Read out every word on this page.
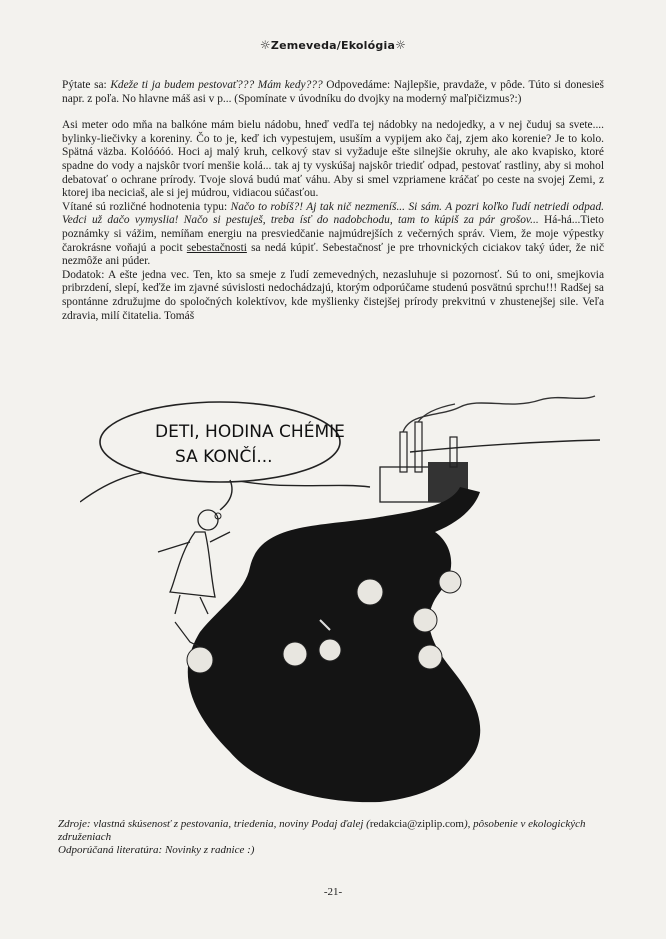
☼Zemeveda/Ekológia☼

Pýtate sa: Kdeže ti ja budem pestovať??? Mám kedy??? Odpovedáme: Najlepšie, pravdaže, v pôde. Túto si donesieš napr. z poľa. No hlavne máš asi v p... (Spomínate v úvodníku do dvojky na moderný maľpičizmus?:)

Asi meter odo mňa na balkóne mám bielu nádobu, hneď vedľa tej nádobky na nedojedky, a v nej čuduj sa svete.... bylinky-liečivky a koreniny. Čo to je, keď ich vypestujem, usuším a vypijem ako čaj, zjem ako korenie? Je to kolo. Spätná väzba. Kolóóóó. Hoci aj malý kruh, celkový stav si vyžaduje ešte silnejšie okruhy, ale ako kvapisko, ktoré spadne do vody a najskôr tvorí menšie kolá... tak aj ty vyskúšaj najskôr triediť odpad, pestovať rastliny, aby si mohol debatovať o ochrane prírody. Tvoje slová budú mať váhu. Aby si smel vzpriamene kráčať po ceste na svojej Zemi, z ktorej iba neciciaš, ale si jej múdrou, vidiacou súčasťou.

Vítané sú rozličné hodnotenia typu: Načo to robíš?! Aj tak nič nezmeníš... Si sám. A pozri koľko ľudí netriedi odpad. Vedci už dačo vymyslia! Načo si pestuješ, treba ísť do nadobchodu, tam to kúpiš za pár grošov... Há-há...Tieto poznámky si vážim, nemíňam energiu na presviedčanie najmúdrejších z večerných správ. Viem, že moje výpestky čarokrásne voňajú a pocit sebestačnosti sa nedá kúpiť. Sebestačnosť je pre trhovnických ciciakov taký úder, že nič nezmôže ani púder.

Dodatok: A ešte jedna vec. Ten, kto sa smeje z ľudí zemevedných, nezasluhuje si pozornosť. Sú to oni, smejkovia pribrzdení, slepí, keďže im zjavné súvislosti nedochádzajú, ktorým odporúčame studenú posvätnú sprchu!!! Radšej sa spontánne združujme do spoločných kolektívov, kde myšlienky čistejšej prírody prekvitnú v zhustenejšej sile. Veľa zdravia, milí čitatelia. Tomáš

DETI, HODINA CHÉMIE
SA KONČÍ...

Zdroje: vlastná skúsenosť z pestovania, triedenia, noviny Podaj ďalej (redakcia@ziplip.com), pôsobenie v ekologických združeniach

Odporúčaná literatúra: Novinky z radnice :)

-21-
